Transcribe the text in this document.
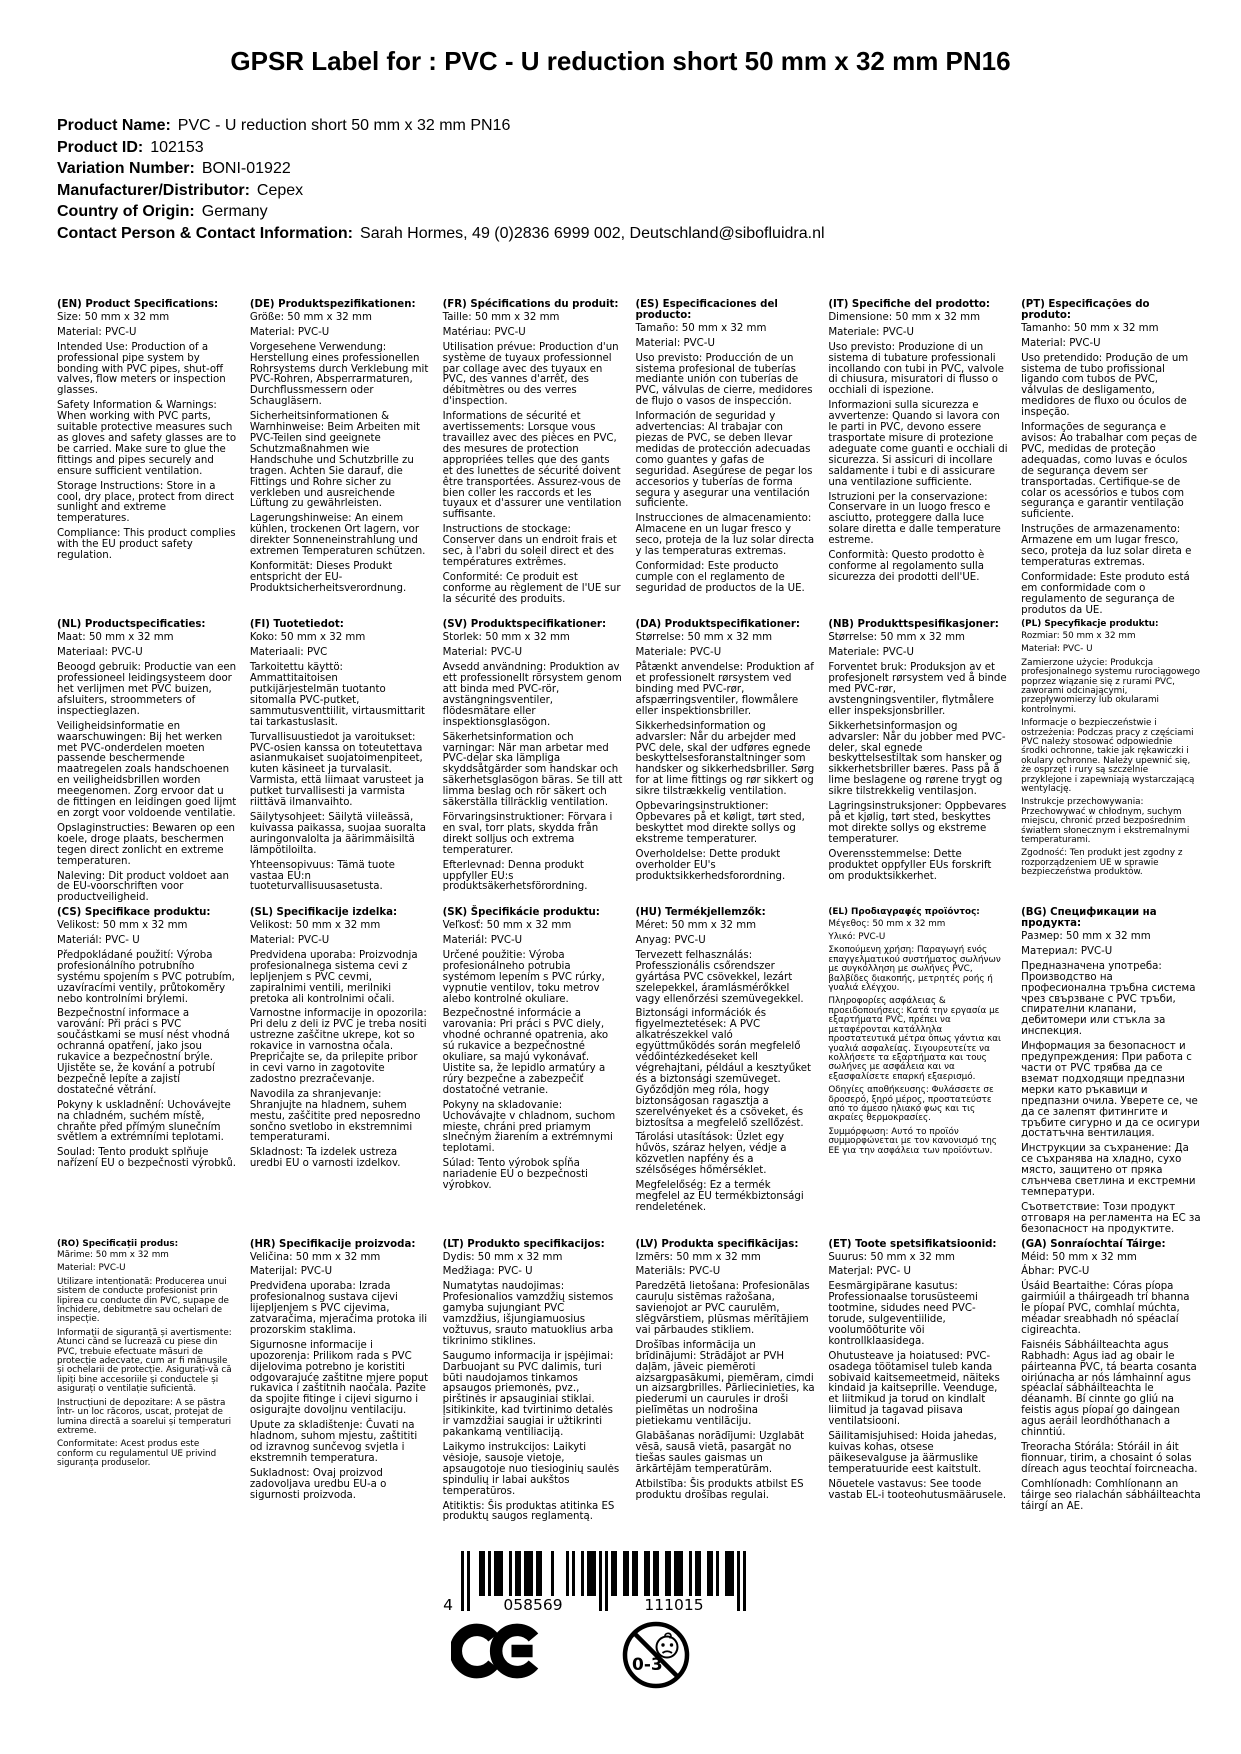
GPSR Label for : PVC - U reduction short 50 mm x 32 mm PN16
Product Name: PVC - U reduction short 50 mm x 32 mm PN16
Product ID: 102153
Variation Number: BONI-01922
Manufacturer/Distributor: Cepex
Country of Origin: Germany
Contact Person & Contact Information: Sarah Hormes, 49 (0)2836 6999 002, Deutschland@sibofluidra.nl

(EN) Product Specifications:

Size: 50 mm x 32 mm

Material: PVC-U

Intended Use: Production of a professional pipe system by bonding with PVC pipes, shut-off valves, flow meters or inspection glasses.

Safety Information & Warnings: When working with PVC parts, suitable protective measures such as gloves and safety glasses are to be carried. Make sure to glue the fittings and pipes securely and ensure sufficient ventilation.

Storage Instructions: Store in a cool, dry place, protect from direct sunlight and extreme temperatures.

Compliance: This product complies with the EU product safety regulation.

(DE) Produktspezifikationen:

Größe: 50 mm x 32 mm

Material: PVC-U

Vorgesehene Verwendung: Herstellung eines professionellen Rohrsystems durch Verklebung mit PVC-Rohren, Absperrarmaturen, Durchflussmessern oder Schaugläsern.

Sicherheitsinformationen & Warnhinweise: Beim Arbeiten mit PVC-Teilen sind geeignete Schutzmaßnahmen wie Handschuhe und Schutzbrille zu tragen. Achten Sie darauf, die Fittings und Rohre sicher zu verkleben und ausreichende Lüftung zu gewährleisten.

Lagerungshinweise: An einem kühlen, trockenen Ort lagern, vor direkter Sonneneinstrahlung und extremen Temperaturen schützen.

Konformität: Dieses Produkt entspricht der EU-Produktsicherheitsverordnung.

(FR) Spécifications du produit:

Taille: 50 mm x 32 mm

Matériau: PVC-U

Utilisation prévue: Production d'un système de tuyaux professionnel par collage avec des tuyaux en PVC, des vannes d'arrêt, des débitmètres ou des verres d'inspection.

Informations de sécurité et avertissements: Lorsque vous travaillez avec des pièces en PVC, des mesures de protection appropriées telles que des gants et des lunettes de sécurité doivent être transportées. Assurez-vous de bien coller les raccords et les tuyaux et d'assurer une ventilation suffisante.

Instructions de stockage: Conserver dans un endroit frais et sec, à l'abri du soleil direct et des températures extrêmes.

Conformité: Ce produit est conforme au règlement de l'UE sur la sécurité des produits.

(ES) Especificaciones del producto:

Tamaño: 50 mm x 32 mm

Material: PVC-U

Uso previsto: Producción de un sistema profesional de tuberías mediante unión con tuberías de PVC, válvulas de cierre, medidores de flujo o vasos de inspección.

Información de seguridad y advertencias: Al trabajar con piezas de PVC, se deben llevar medidas de protección adecuadas como guantes y gafas de seguridad. Asegúrese de pegar los accesorios y tuberías de forma segura y asegurar una ventilación suficiente.

Instrucciones de almacenamiento: Almacene en un lugar fresco y seco, proteja de la luz solar directa y las temperaturas extremas.

Conformidad: Este producto cumple con el reglamento de seguridad de productos de la UE.

(IT) Specifiche del prodotto:

Dimensione: 50 mm x 32 mm

Materiale: PVC-U

Uso previsto: Produzione di un sistema di tubature professionali incollando con tubi in PVC, valvole di chiusura, misuratori di flusso o occhiali di ispezione.

Informazioni sulla sicurezza e avvertenze: Quando si lavora con le parti in PVC, devono essere trasportate misure di protezione adeguate come guanti e occhiali di sicurezza. Si assicuri di incollare saldamente i tubi e di assicurare una ventilazione sufficiente.

Istruzioni per la conservazione: Conservare in un luogo fresco e asciutto, proteggere dalla luce solare diretta e dalle temperature estreme.

Conformità: Questo prodotto è conforme al regolamento sulla sicurezza dei prodotti dell'UE.

(PT) Especificações do produto:

Tamanho: 50 mm x 32 mm

Material: PVC-U

Uso pretendido: Produção de um sistema de tubo profissional ligando com tubos de PVC, válvulas de desligamento, medidores de fluxo ou óculos de inspeção.

Informações de segurança e avisos: Ao trabalhar com peças de PVC, medidas de proteção adequadas, como luvas e óculos de segurança devem ser transportadas. Certifique-se de colar os acessórios e tubos com segurança e garantir ventilação suficiente.

Instruções de armazenamento: Armazene em um lugar fresco, seco, proteja da luz solar direta e temperaturas extremas.

Conformidade: Este produto está em conformidade com o regulamento de segurança de produtos da UE.

(NL) Productspecificaties:

Maat: 50 mm x 32 mm

Materiaal: PVC-U

Beoogd gebruik: Productie van een professioneel leidingsysteem door het verlijmen met PVC buizen, afsluiters, stroommeters of inspectieglazen.

Veiligheidsinformatie en waarschuwingen: Bij het werken met PVC-onderdelen moeten passende beschermende maatregelen zoals handschoenen en veiligheidsbrillen worden meegenomen. Zorg ervoor dat u de fittingen en leidingen goed lijmt en zorgt voor voldoende ventilatie.

Opslaginstructies: Bewaren op een koele, droge plaats, beschermen tegen direct zonlicht en extreme temperaturen.

Naleving: Dit product voldoet aan de EU-voorschriften voor productveiligheid.

(FI) Tuotetiedot:

Koko: 50 mm x 32 mm

Materiaali: PVC

Tarkoitettu käyttö: Ammattitaitoisen putkijärjestelmän tuotanto sitomalla PVC-putket, sammutusventtiilit, virtausmittarit tai tarkastuslasit.

Turvallisuustiedot ja varoitukset: PVC-osien kanssa on toteutettava asianmukaiset suojatoimenpiteet, kuten käsineet ja turvalasit. Varmista, että liimaat varusteet ja putket turvallisesti ja varmista riittävä ilmanvaihto.

Säilytysohjeet: Säilytä viileässä, kuivassa paikassa, suojaa suoralta auringonvalolta ja äärimmäisiltä lämpötiloilta.

Yhteensopivuus: Tämä tuote vastaa EU:n tuoteturvallisuusasetusta.

(SV) Produktspecifikationer:

Storlek: 50 mm x 32 mm

Material: PVC-U

Avsedd användning: Produktion av ett professionellt rörsystem genom att binda med PVC-rör, avstängningsventiler, flödesmätare eller inspektionsglasögon.

Säkerhetsinformation och varningar: När man arbetar med PVC-delar ska lämpliga skyddsåtgärder som handskar och säkerhetsglasögon bäras. Se till att limma beslag och rör säkert och säkerställa tillräcklig ventilation.

Förvaringsinstruktioner: Förvara i en sval, torr plats, skydda från direkt solljus och extrema temperaturer.

Efterlevnad: Denna produkt uppfyller EU:s produktsäkerhetsförordning.

(DA) Produktspecifikationer:

Størrelse: 50 mm x 32 mm

Materiale: PVC-U

Påtænkt anvendelse: Produktion af et professionelt rørsystem ved binding med PVC-rør, afspærringsventiler, flowmålere eller inspektionsbriller.

Sikkerhedsinformation og advarsler: Når du arbejder med PVC dele, skal der udføres egnede beskyttelsesforanstaltninger som handsker og sikkerhedsbriller. Sørg for at lime fittings og rør sikkert og sikre tilstrækkelig ventilation.

Opbevaringsinstruktioner: Opbevares på et køligt, tørt sted, beskyttet mod direkte sollys og ekstreme temperaturer.

Overholdelse: Dette produkt overholder EU's produktsikkerhedsforordning.

(NB) Produkttspesifikasjoner:

Størrelse: 50 mm x 32 mm

Materiale: PVC-U

Forventet bruk: Produksjon av et profesjonelt rørsystem ved å binde med PVC-rør, avstengningsventiler, flytmålere eller inspeksjonsbriller.

Sikkerhetsinformasjon og advarsler: Når du jobber med PVC-deler, skal egnede beskyttelsestiltak som hansker og sikkerhetsbriller bæres. Pass på å lime beslagene og rørene trygt og sikre tilstrekkelig ventilasjon.

Lagringsinstruksjoner: Oppbevares på et kjølig, tørt sted, beskyttes mot direkte sollys og ekstreme temperaturer.

Overensstemmelse: Dette produktet oppfyller EUs forskrift om produktsikkerhet.

(PL) Specyfikacje produktu:

Rozmiar: 50 mm x 32 mm

Materiał: PVC- U

Zamierzone użycie: Produkcja profesjonalnego systemu rurociągowego poprzez wiązanie się z rurami PVC, zaworami odcinającymi, przepływomierzy lub okularami kontrolnymi.

Informacje o bezpieczeństwie i ostrzeżenia: Podczas pracy z częściami PVC należy stosować odpowiednie środki ochronne, takie jak rękawiczki i okulary ochronne. Należy upewnić się, że osprzęt i rury są szczelnie przyklejone i zapewniają wystarczającą wentylację.

Instrukcje przechowywania: Przechowywać w chłodnym, suchym miejscu, chronić przed bezpośrednim światłem słonecznym i ekstremalnymi temperaturami.

Zgodność: Ten produkt jest zgodny z rozporządzeniem UE w sprawie bezpieczeństwa produktów.

(CS) Specifikace produktu:

Velikost: 50 mm x 32 mm

Materiál: PVC- U

Předpokládané použití: Výroba profesionálního potrubního systému spojením s PVC potrubím, uzavíracími ventily, průtokoměry nebo kontrolními brýlemi.

Bezpečnostní informace a varování: Při práci s PVC součástkami se musí nést vhodná ochranná opatření, jako jsou rukavice a bezpečnostní brýle. Ujistěte se, že kování a potrubí bezpečně lepíte a zajistí dostatečné větrání.

Pokyny k uskladnění: Uchovávejte na chladném, suchém místě, chraňte před přímým slunečním světlem a extrémními teplotami.

Soulad: Tento produkt splňuje nařízení EU o bezpečnosti výrobků.

(SL) Specifikacije izdelka:

Velikost: 50 mm x 32 mm

Material: PVC-U

Predvidena uporaba: Proizvodnja profesionalnega sistema cevi z lepljenjem s PVC cevmi, zapiralnimi ventili, merilniki pretoka ali kontrolnimi očali.

Varnostne informacije in opozorila: Pri delu z deli iz PVC je treba nositi ustrezne zaščitne ukrepe, kot so rokavice in varnostna očala. Prepričajte se, da prilepite pribor in cevi varno in zagotovite zadostno prezračevanje.

Navodila za shranjevanje: Shranjujte na hladnem, suhem mestu, zaščitite pred neposredno sončno svetlobo in ekstremnimi temperaturami.

Skladnost: Ta izdelek ustreza uredbi EU o varnosti izdelkov.

(SK) Špecifikácie produktu:

Veľkosť: 50 mm x 32 mm

Materiál: PVC-U

Určené použitie: Výroba profesionálneho potrubia systémom lepením s PVC rúrky, vypnutie ventilov, toku metrov alebo kontrolné okuliare.

Bezpečnostné informácie a varovania: Pri práci s PVC diely, vhodné ochranné opatrenia, ako sú rukavice a bezpečnostné okuliare, sa majú vykonávať. Uistite sa, že lepidlo armatúry a rúry bezpečne a zabezpečiť dostatočné vetranie.

Pokyny na skladovanie: Uchovávajte v chladnom, suchom mieste, chráni pred priamym slnečným žiarením a extrémnymi teplotami.

Súlad: Tento výrobok spĺňa nariadenie EÚ o bezpečnosti výrobkov.

(HU) Termékjellemzők:

Méret: 50 mm x 32 mm

Anyag: PVC-U

Tervezett felhasználás: Professzionális csőrendszer gyártása PVC csövekkel, lezárt szelepekkel, áramlásmérőkkel vagy ellenőrzési szemüvegekkel.

Biztonsági információk és figyelmeztetések: A PVC alkatrészekkel való együttműködés során megfelelő védőintézkedéseket kell végrehajtani, például a kesztyűket és a biztonsági szemüveget. Győződjön meg róla, hogy biztonságosan ragasztja a szerelvényeket és a csöveket, és biztosítsa a megfelelő szellőzést.

Tárolási utasítások: Üzlet egy hűvös, száraz helyen, védje a közvetlen napfény és a szélsőséges hőmérséklet.

Megfelelőség: Ez a termék megfelel az EU termékbiztonsági rendeletének.

(EL) Προδιαγραφές προϊόντος:

Μέγεθος: 50 mm x 32 mm

Υλικό: PVC-U

Σκοπούμενη χρήση: Παραγωγή ενός επαγγελματικού συστήματος σωλήνων με συγκόλληση με σωλήνες PVC, βαλβίδες διακοπής, μετρητές ροής ή γυαλιά ελέγχου.

Πληροφορίες ασφάλειας & προειδοποιήσεις: Κατά την εργασία με εξαρτήματα PVC, πρέπει να μεταφέρονται κατάλληλα προστατευτικά μέτρα όπως γάντια και γυαλιά ασφαλείας. Σιγουρευτείτε να κολλήσετε τα εξαρτήματα και τους σωλήνες με ασφάλεια και να εξασφαλίσετε επαρκή εξαερισμό.

Οδηγίες αποθήκευσης: Φυλάσσετε σε δροσερό, ξηρό μέρος, προστατεύστε από το άμεσο ηλιακό φως και τις ακραίες θερμοκρασίες.

Συμμόρφωση: Αυτό το προϊόν συμμορφώνεται με τον κανονισμό της ΕΕ για την ασφάλεια των προϊόντων.

(BG) Спецификации на продукта:

Размер: 50 mm x 32 mm

Материал: PVC-U

Предназначена употреба: Производство на професионална тръбна система чрез свързване с PVC тръби, спирателни клапани, дебитомери или стъкла за инспекция.

Информация за безопасност и предупреждения: При работа с части от PVC трябва да се вземат подходящи предпазни мерки като ръкавици и предпазни очила. Уверете се, че да се залепят фитингите и тръбите сигурно и да се осигури достатъчна вентилация.

Инструкции за съхранение: Да се съхранява на хладно, сухо място, защитено от пряка слънчева светлина и екстремни температури.

Съответствие: Този продукт отговаря на регламента на ЕС за безопасност на продуктите.

(RO) Specificații produs:

Mărime: 50 mm x 32 mm

Material: PVC-U

Utilizare intenționată: Producerea unui sistem de conducte profesionist prin lipirea cu conducte din PVC, supape de închidere, debitmetre sau ochelari de inspecție.

Informații de siguranță și avertismente: Atunci când se lucrează cu piese din PVC, trebuie efectuate măsuri de protecție adecvate, cum ar fi mănușile și ochelarii de protecție. Asigurați-vă că lipiți bine accesoriile și conductele și asigurați o ventilație suficientă.

Instrucțiuni de depozitare: A se păstra într- un loc răcoros, uscat, protejat de lumina directă a soarelui și temperaturi extreme.

Conformitate: Acest produs este conform cu regulamentul UE privind siguranța produselor.

(HR) Specifikacije proizvoda:

Veličina: 50 mm x 32 mm

Materijal: PVC-U

Predviđena uporaba: Izrada profesionalnog sustava cijevi lijepljenjem s PVC cijevima, zatvaračima, mjeračima protoka ili prozorskim staklima.

Sigurnosne informacije i upozorenja: Prilikom rada s PVC dijelovima potrebno je koristiti odgovarajuće zaštitne mjere poput rukavica i zaštitnih naočala. Pazite da spojite fitinge i cijevi sigurno i osigurajte dovoljnu ventilaciju.

Upute za skladištenje: Čuvati na hladnom, suhom mjestu, zaštititi od izravnog sunčevog svjetla i ekstremnih temperatura.

Sukladnost: Ovaj proizvod zadovoljava uredbu EU-a o sigurnosti proizvoda.

(LT) Produkto specifikacijos:

Dydis: 50 mm x 32 mm

Medžiaga: PVC- U

Numatytas naudojimas: Profesionalios vamzdžių sistemos gamyba sujungiant PVC vamzdžius, išjungiamuosius vožtuvus, srauto matuoklius arba tikrinimo stiklines.

Saugumo informacija ir įspėjimai: Darbuojant su PVC dalimis, turi būti naudojamos tinkamos apsaugos priemonės, pvz., pirštinės ir apsauginiai stiklai. Įsitikinkite, kad tvirtinimo detalės ir vamzdžiai saugiai ir užtikrinti pakankamą ventiliaciją.

Laikymo instrukcijos: Laikyti vėsioje, sausoje vietoje, apsaugotoje nuo tiesioginių saulės spindulių ir labai aukštos temperatūros.

Atitiktis: Šis produktas atitinka ES produktų saugos reglamentą.

(LV) Produkta specifikācijas:

Izmērs: 50 mm x 32 mm

Materiāls: PVC-U

Paredzētā lietošana: Profesionālas cauruļu sistēmas ražošana, savienojot ar PVC caurulēm, slēgvārstiem, plūsmas mērītājiem vai pārbaudes stikliem.

Drošības informācija un brīdinājumi: Strādājot ar PVH daļām, jāveic piemēroti aizsargpasākumi, piemēram, cimdi un aizsargbrilles. Pārliecinieties, ka piederumi un caurules ir droši pielīmētas un nodrošina pietiekamu ventilāciju.

Glabāšanas norādījumi: Uzglabāt vēsā, sausā vietā, pasargāt no tiešas saules gaismas un ārkārtējām temperatūrām.

Atbilstība: Šis produkts atbilst ES produktu drošības regulai.

(ET) Toote spetsifikatsioonid:

Suurus: 50 mm x 32 mm

Materjal: PVC- U

Eesmärgipärane kasutus: Professionaalse torusüsteemi tootmine, sidudes need PVC-torude, sulgeventiilide, voolumõõturite või kontrollklaasidega.

Ohutusteave ja hoiatused: PVC-osadega töötamisel tuleb kanda sobivaid kaitsemeetmeid, näiteks kindaid ja kaitseprille. Veenduge, et liitmikud ja torud on kindlalt liimitud ja tagavad piisava ventilatsiooni.

Säilitamisjuhised: Hoida jahedas, kuivas kohas, otsese päikesevalguse ja äärmuslike temperatuuride eest kaitstult.

Nõuetele vastavus: See toode vastab EL-i tooteohutusmäärusele.

(GA) Sonraíochtaí Táirge:

Méid: 50 mm x 32 mm

Ábhar: PVC-U

Úsáid Beartaithe: Córas píopa gairmiúil a tháirgeadh trí bhanna le píopaí PVC, comhlaí múchta, méadar sreabhadh nó spéaclaí cigireachta.

Faisnéis Sábháilteachta agus Rabhadh: Agus iad ag obair le páirteanna PVC, tá bearta cosanta oiriúnacha ar nós lámhainní agus spéaclaí sábháilteachta le déanamh. Bí cinnte go gliú na feistis agus píopaí go daingean agus aeráil leordhóthanach a chinntiú.

Treoracha Stórála: Stóráil in áit fionnuar, tirim, a chosaint ó solas díreach agus teochtaí foircneacha.

Comhlíonadh: Comhlíonann an táirge seo rialachán sábháilteachta táirgí an AE.

4	058569	111015
0-3
